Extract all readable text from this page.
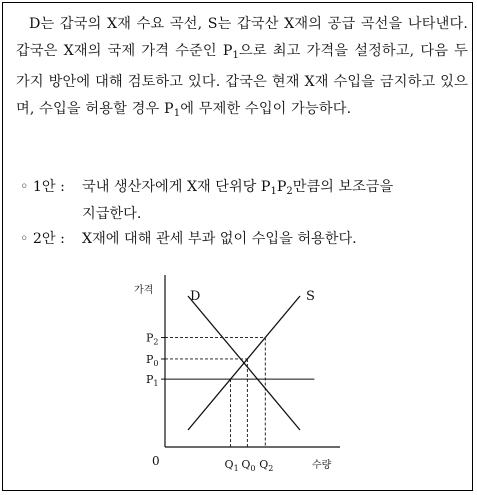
D는 갑국의 X재 수요 곡선, S는 갑국산 X재의 공급 곡선을 나타낸다. 갑국은 X재의 국제 가격 수준인 $P_1$으로 최고 가격을 설정하고, 다음 두 가지 방안에 대해 검토하고 있다. 갑국은 현재 X재 수입을 금지하고 있으며, 수입을 허용할 경우 $P_1$에 무제한 수입이 가능하다.
◦ 1안 : 국내 생산자에게 X재 단위당 $P_1P_2$만큼의 보조금을
지급한다.
◦ 2안 : X재에 대해 관세 부과 없이 수입을 허용한다.
가격
수량
0
D	S
$P_2$
$P_0$
$P_1$
$Q_1$ $Q_0$ $Q_2$
